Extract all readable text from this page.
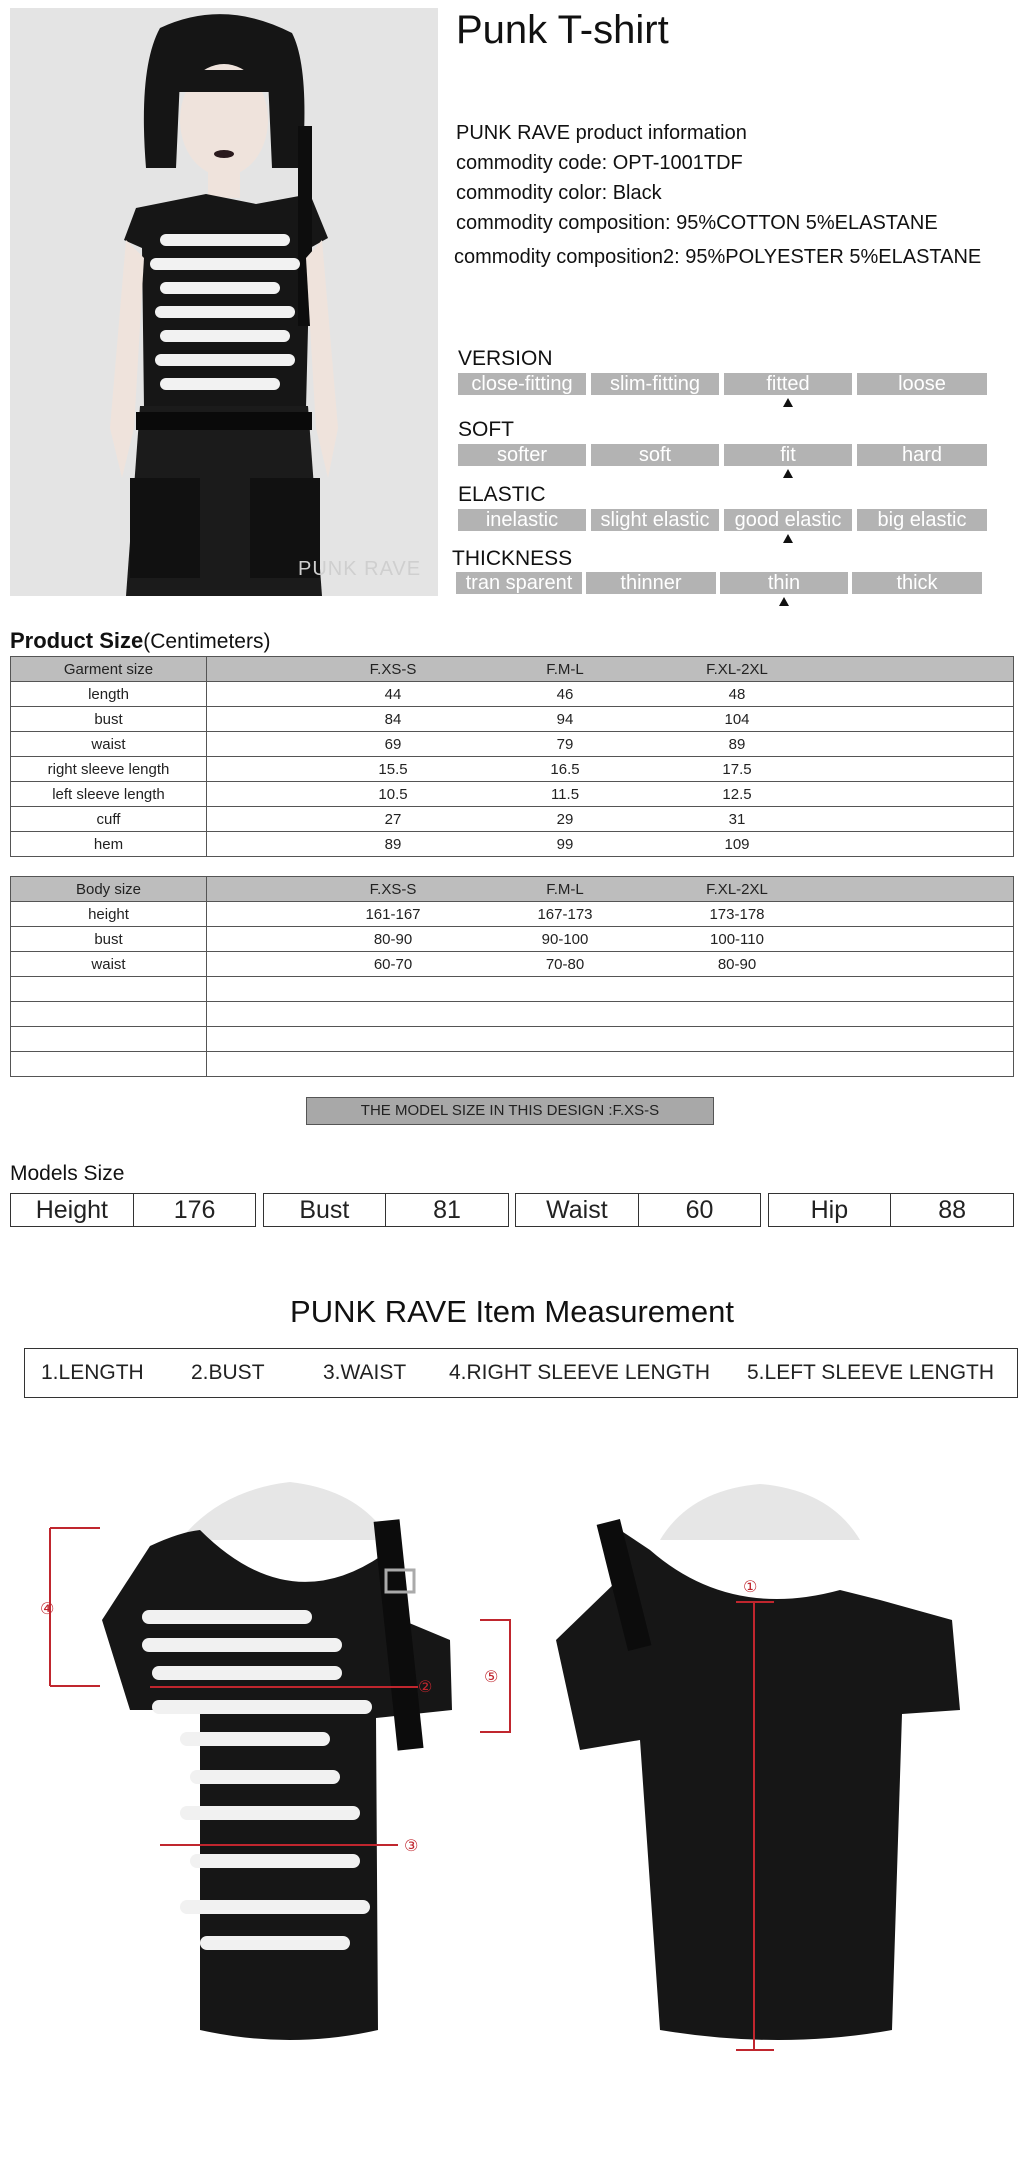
PUNK RAVE
Punk T-shirt
PUNK RAVE product information
commodity code: OPT-1001TDF
commodity color: Black
commodity composition: 95%COTTON 5%ELASTANE
commodity composition2: 95%POLYESTER 5%ELASTANE
VERSION
close-fitting	slim-fitting	fitted	loose
SOFT
softer	soft	fit	hard
ELASTIC
inelastic	slight elastic	good elastic	big elastic
THICKNESS
tran sparent	thinner	thin	thick
Product Size(Centimeters)
Garment size	F.XS-S F.M-L F.XL-2XL
length	44 46 48
bust	84 94 104
waist	69 79 89
right sleeve length	15.5 16.5 17.5
left sleeve length	10.5 11.5 12.5
cuff	27 29 31
hem	89 99 109
Body size	F.XS-S F.M-L F.XL-2XL
height	161-167 167-173 173-178
bust	80-90 90-100 100-110
waist	60-70 70-80 80-90

THE MODEL SIZE IN THIS DESIGN :F.XS-S
Models Size
Height	176		Bust	81		Waist	60		Hip	88
PUNK RAVE Item Measurement
1.LENGTH 2.BUST	3.WAIST 4.RIGHT SLEEVE LENGTH 5.LEFT SLEEVE LENGTH
④
②
③
⑤
①
